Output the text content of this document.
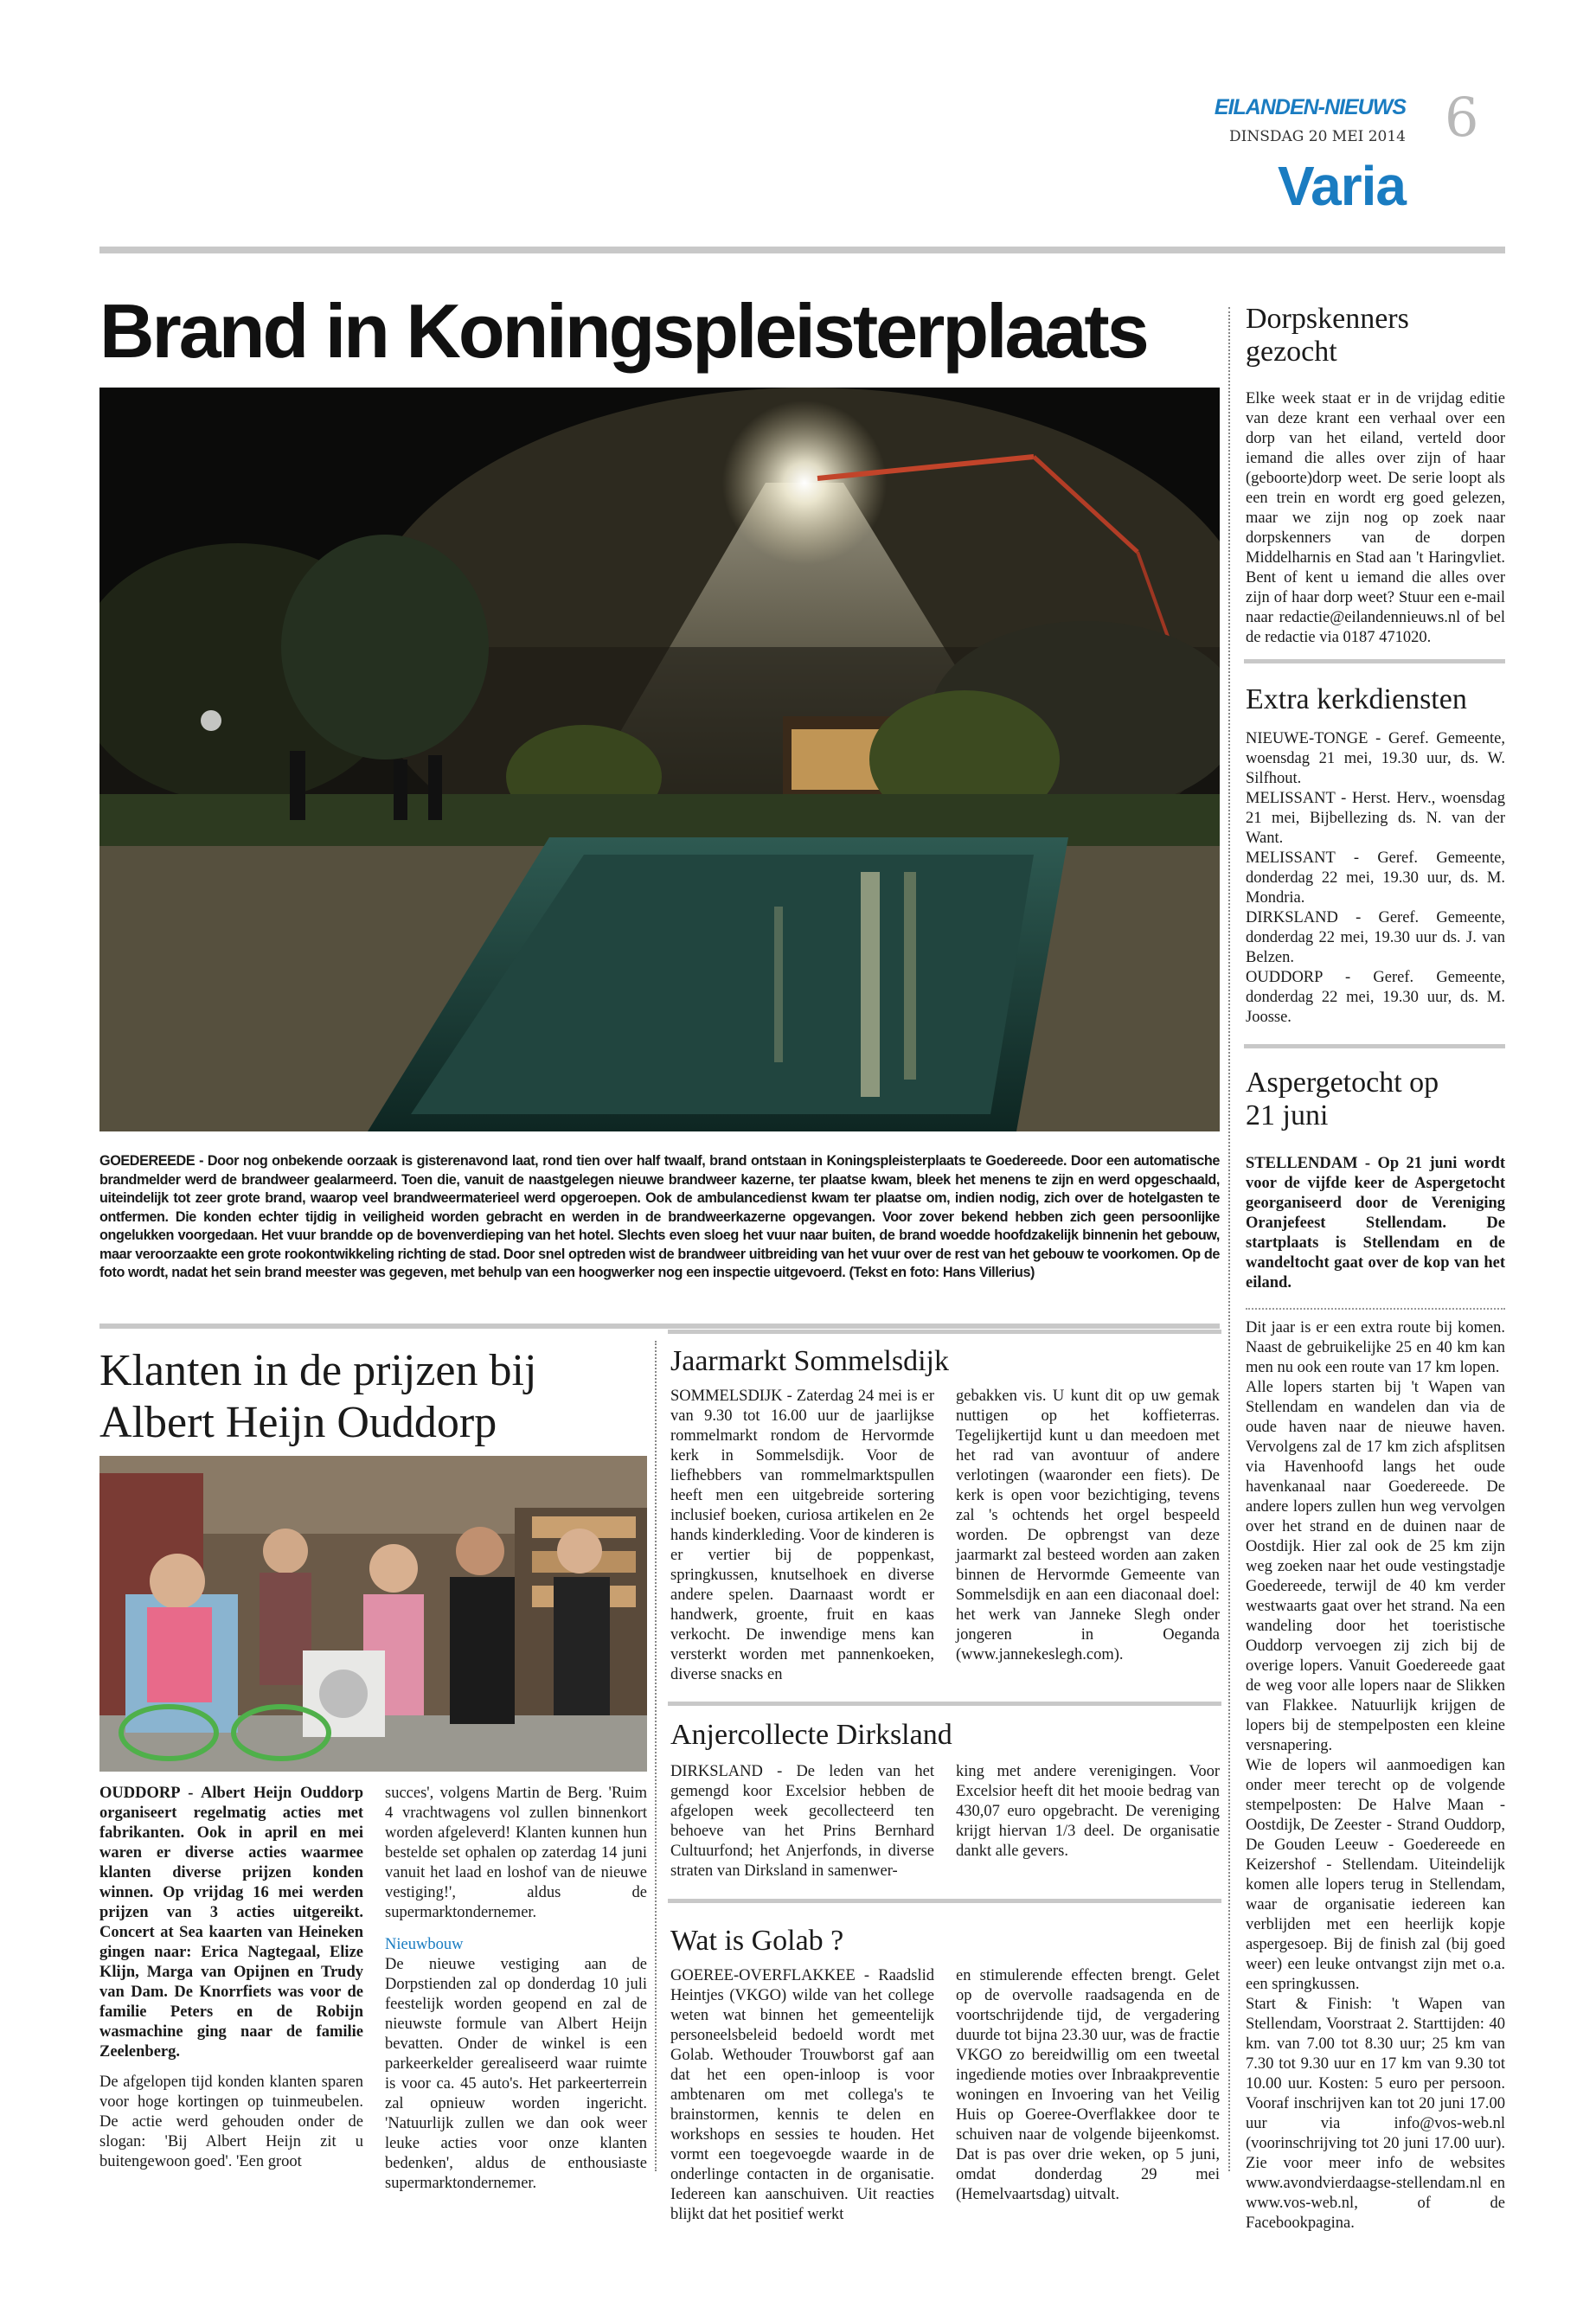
EILANDEN-NIEUWS
DINSDAG 20 MEI 2014 6
Varia
Brand in Koningspleisterplaats
GOEDEREEDE - Door nog onbekende oorzaak is gisterenavond laat, rond tien over half twaalf, brand ontstaan in Koningspleisterplaats te Goedereede. Door een automatische brandmelder werd de brandweer gealarmeerd. Toen die, vanuit de naastgelegen nieuwe brandweer kazerne, ter plaatse kwam, bleek het menens te zijn en werd opgeschaald, uiteindelijk tot zeer grote brand, waarop veel brandweermaterieel werd opgeroepen. Ook de ambulancedienst kwam ter plaatse om, indien nodig, zich over de hotelgasten te ontfermen. Die konden echter tijdig in veiligheid worden gebracht en werden in de brandweerkazerne opgevangen. Voor zover bekend hebben zich geen persoonlijke ongelukken voorgedaan. Het vuur brandde op de bovenverdieping van het hotel. Slechts even sloeg het vuur naar buiten, de brand woedde hoofdzakelijk binnenin het gebouw, maar veroorzaakte een grote rookontwikkeling richting de stad. Door snel optreden wist de brandweer uitbreiding van het vuur over de rest van het gebouw te voorkomen. Op de foto wordt, nadat het sein brand meester was gegeven, met behulp van een hoogwerker nog een inspectie uitgevoerd. (Tekst en foto: Hans Villerius)
Klanten in de prijzen bij
Albert Heijn Ouddorp

OUDDORP - Albert Heijn Ouddorp organiseert regelmatig acties met fabrikanten. Ook in april en mei waren er diverse acties waarmee klanten diverse prijzen konden winnen. Op vrijdag 16 mei werden prijzen van 3 acties uitgereikt. Concert at Sea kaarten van Heineken gingen naar: Erica Nagtegaal, Elize Klijn, Marga van Opijnen en Trudy van Dam. De Knorrfiets was voor de familie Peters en de Robijn wasmachine ging naar de familie Zeelenberg.

De afgelopen tijd konden klanten sparen voor hoge kortingen op tuinmeubelen. De actie werd gehouden onder de slogan: 'Bij Albert Heijn zit u buitengewoon goed'. 'Een groot

succes', volgens Martin de Berg. 'Ruim 4 vrachtwagens vol zullen binnenkort worden afgeleverd! Klanten kunnen hun bestelde set ophalen op zaterdag 14 juni vanuit het laad en loshof van de nieuwe vestiging!', aldus de supermarktondernemer.

Nieuwbouw

De nieuwe vestiging aan de Dorpstienden zal op donderdag 10 juli feestelijk worden geopend en zal de nieuwste formule van Albert Heijn bevatten. Onder de winkel is een parkeerkelder gerealiseerd waar ruimte is voor ca. 45 auto's. Het parkeerterrein zal opnieuw worden ingericht. 'Natuurlijk zullen we dan ook weer leuke acties voor onze klanten bedenken', aldus de enthousiaste supermarktondernemer.

Jaarmarkt Sommelsdijk
SOMMELSDIJK - Zaterdag 24 mei is er van 9.30 tot 16.00 uur de jaarlijkse rommelmarkt rondom de Hervormde kerk in Sommelsdijk. Voor de liefhebbers van rommelmarktspullen heeft men een uitgebreide sortering inclusief boeken, curiosa artikelen en 2e hands kinderkleding. Voor de kinderen is er vertier bij de poppenkast, springkussen, knutselhoek en diverse andere spelen. Daarnaast wordt er handwerk, groente, fruit en kaas verkocht. De inwendige mens kan versterkt worden met pannenkoeken, diverse snacks en
gebakken vis. U kunt dit op uw gemak nuttigen op het koffieterras. Tegelijkertijd kunt u dan meedoen met het rad van avontuur of andere verlotingen (waaronder een fiets). De kerk is open voor bezichtiging, tevens zal 's ochtends het orgel bespeeld worden. De opbrengst van deze jaarmarkt zal besteed worden aan zaken binnen de Hervormde Gemeente van Sommelsdijk en aan een diaconaal doel: het werk van Janneke Slegh onder jongeren in Oeganda (www.jannekeslegh.com).
Anjercollecte Dirksland
DIRKSLAND - De leden van het gemengd koor Excelsior hebben de afgelopen week gecollecteerd ten behoeve van het Prins Bernhard Cultuurfond; het Anjerfonds, in diverse straten van Dirksland in samenwer-
king met andere verenigingen. Voor Excelsior heeft dit het mooie bedrag van 430,07 euro opgebracht. De vereniging krijgt hiervan 1/3 deel. De organisatie dankt alle gevers.
Wat is Golab ?
GOEREE-OVERFLAKKEE - Raadslid Heintjes (VKGO) wilde van het college weten wat binnen het gemeentelijk personeelsbeleid bedoeld wordt met Golab. Wethouder Trouwborst gaf aan dat het een open-inloop is voor ambtenaren om met collega's te brainstormen, kennis te delen en workshops en sessies te houden. Het vormt een toegevoegde waarde in de onderlinge contacten in de organisatie. Iedereen kan aanschuiven. Uit reacties blijkt dat het positief werkt
en stimulerende effecten brengt. Gelet op de overvolle raadsagenda en de voortschrijdende tijd, de vergadering duurde tot bijna 23.30 uur, was de fractie VKGO zo bereidwillig om een tweetal ingediende moties over Inbraakpreventie woningen en Invoering van het Veilig Huis op Goeree-Overflakkee door te schuiven naar de volgende bijeenkomst. Dat is pas over drie weken, op 5 juni, omdat donderdag 29 mei (Hemelvaartsdag) uitvalt.
Dorpskenners
gezocht
Elke week staat er in de vrijdag editie van deze krant een verhaal over een dorp van het eiland, verteld door iemand die alles over zijn of haar (geboorte)dorp weet. De serie loopt als een trein en wordt erg goed gelezen, maar we zijn nog op zoek naar dorpskenners van de dorpen Middelharnis en Stad aan 't Haringvliet. Bent of kent u iemand die alles over zijn of haar dorp weet? Stuur een e-mail naar redactie@eilandennieuws.nl of bel de redactie via 0187 471020.
Extra kerkdiensten

NIEUWE-TONGE - Geref. Gemeente, woensdag 21 mei, 19.30 uur, ds. W. Silfhout.

MELISSANT - Herst. Herv., woensdag 21 mei, Bijbellezing ds. N. van der Want.

MELISSANT - Geref. Gemeente, donderdag 22 mei, 19.30 uur, ds. M. Mondria.

DIRKSLAND - Geref. Gemeente, donderdag 22 mei, 19.30 uur ds. J. van Belzen.

OUDDORP - Geref. Gemeente, donderdag 22 mei, 19.30 uur, ds. M. Joosse.

Aspergetocht op
21 juni
STELLENDAM - Op 21 juni wordt voor de vijfde keer de Aspergetocht georganiseerd door de Vereniging Oranjefeest Stellendam. De startplaats is Stellendam en de wandeltocht gaat over de kop van het eiland.

Dit jaar is er een extra route bij komen. Naast de gebruikelijke 25 en 40 km kan men nu ook een route van 17 km lopen.

Alle lopers starten bij 't Wapen van Stellendam en wandelen dan via de oude haven naar de nieuwe haven. Vervolgens zal de 17 km zich afsplitsen via Havenhoofd langs het oude havenkanaal naar Goedereede. De andere lopers zullen hun weg vervolgen over het strand en de duinen naar de Oostdijk. Hier zal ook de 25 km zijn weg zoeken naar het oude vestingstadje Goedereede, terwijl de 40 km verder westwaarts gaat over het strand. Na een wandeling door het toeristische Ouddorp vervoegen zij zich bij de overige lopers. Vanuit Goedereede gaat de weg voor alle lopers naar de Slikken van Flakkee. Natuurlijk krijgen de lopers bij de stempelposten een kleine versnapering.

Wie de lopers wil aanmoedigen kan onder meer terecht op de volgende stempelposten: De Halve Maan - Oostdijk, De Zeester - Strand Ouddorp, De Gouden Leeuw - Goedereede en Keizershof - Stellendam. Uiteindelijk komen alle lopers terug in Stellendam, waar de organisatie iedereen kan verblijden met een heerlijk kopje aspergesoep. Bij de finish zal (bij goed weer) een leuke ontvangst zijn met o.a. een springkussen.

Start & Finish: 't Wapen van Stellendam, Voorstraat 2. Starttijden: 40 km. van 7.00 tot 8.30 uur; 25 km van 7.30 tot 9.30 uur en 17 km van 9.30 tot 10.00 uur. Kosten: 5 euro per persoon. Vooraf inschrijven kan tot 20 juni 17.00 uur via info@vos-web.nl (voorinschrijving tot 20 juni 17.00 uur). Zie voor meer info de websites www.avondvierdaagse-stellendam.nl en www.vos-web.nl, of de Facebookpagina.
